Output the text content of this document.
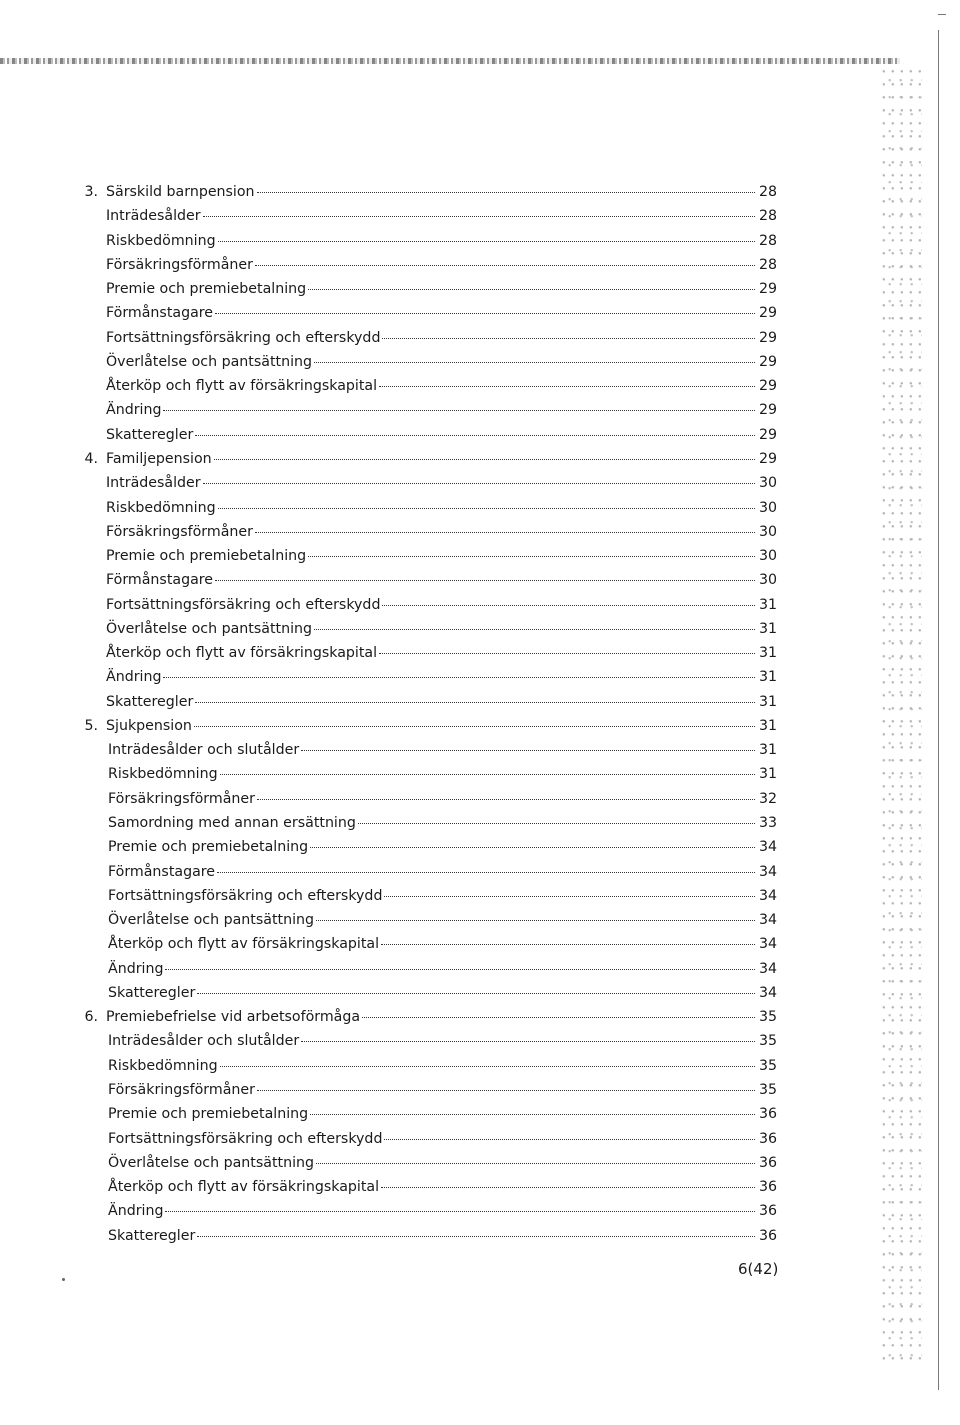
3. Särskild barnpension	28
Inträdesålder	28
Riskbedömning	28
Försäkringsförmåner	28
Premie och premiebetalning	29
Förmånstagare	29
Fortsättningsförsäkring och efterskydd	29
Överlåtelse och pantsättning	29
Återköp och flytt av försäkringskapital	29
Ändring	29
Skatteregler	29
4. Familjepension	29
Inträdesålder	30
Riskbedömning	30
Försäkringsförmåner	30
Premie och premiebetalning	30
Förmånstagare	30
Fortsättningsförsäkring och efterskydd	31
Överlåtelse och pantsättning	31
Återköp och flytt av försäkringskapital	31
Ändring	31
Skatteregler	31
5. Sjukpension	31
Inträdesålder och slutålder	31
Riskbedömning	31
Försäkringsförmåner	32
Samordning med annan ersättning	33
Premie och premiebetalning	34
Förmånstagare	34
Fortsättningsförsäkring och efterskydd	34
Överlåtelse och pantsättning	34
Återköp och flytt av försäkringskapital	34
Ändring	34
Skatteregler	34
6. Premiebefrielse vid arbetsoförmåga	35
Inträdesålder och slutålder	35
Riskbedömning	35
Försäkringsförmåner	35
Premie och premiebetalning	36
Fortsättningsförsäkring och efterskydd	36
Överlåtelse och pantsättning	36
Återköp och flytt av försäkringskapital	36
Ändring	36
Skatteregler	36
6(42)
